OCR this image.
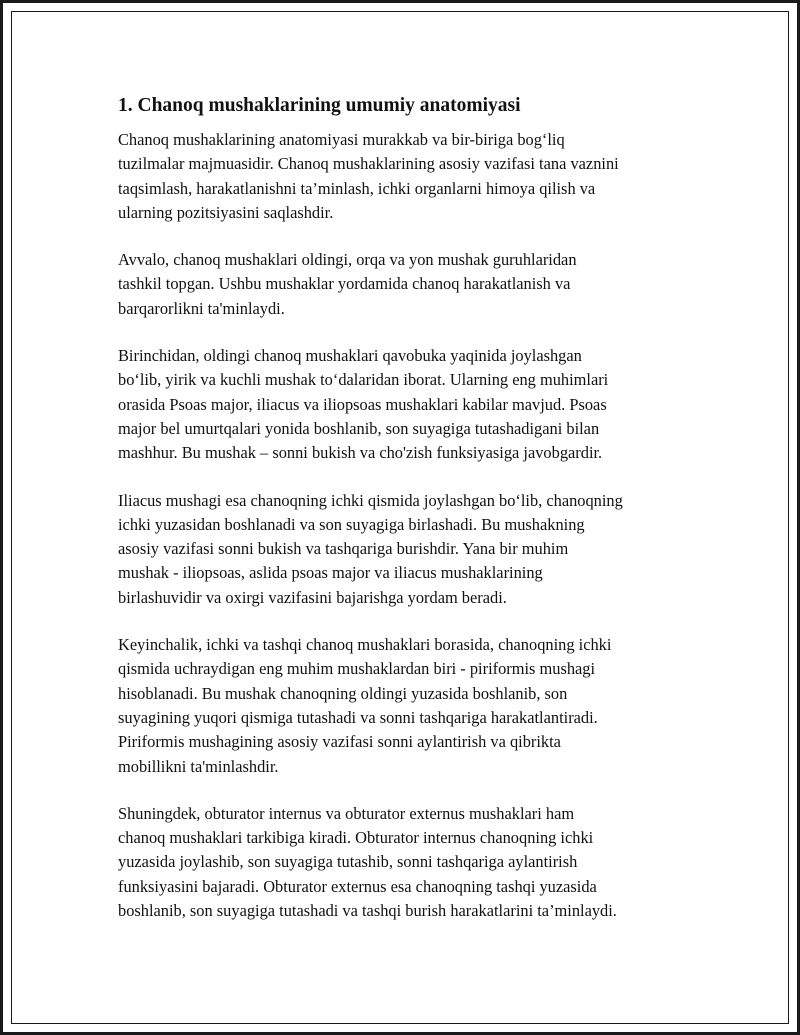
1. Chanoq mushaklarining umumiy anatomiyasi

Chanoq mushaklarining anatomiyasi murakkab va bir-biriga bog‘liq
tuzilmalar majmuasidir. Chanoq mushaklarining asosiy vazifasi tana vaznini
taqsimlash, harakatlanishni ta’minlash, ichki organlarni himoya qilish va
ularning pozitsiyasini saqlashdir.

Avvalo, chanoq mushaklari oldingi, orqa va yon mushak guruhlaridan
tashkil topgan. Ushbu mushaklar yordamida chanoq harakatlanish va
barqarorlikni ta'minlaydi.

Birinchidan, oldingi chanoq mushaklari qavobuka yaqinida joylashgan
bo‘lib, yirik va kuchli mushak to‘dalaridan iborat. Ularning eng muhimlari
orasida Psoas major, iliacus va iliopsoas mushaklari kabilar mavjud. Psoas
major bel umurtqalari yonida boshlanib, son suyagiga tutashadigani bilan
mashhur. Bu mushak – sonni bukish va cho'zish funksiyasiga javobgardir.

Iliacus mushagi esa chanoqning ichki qismida joylashgan bo‘lib, chanoqning
ichki yuzasidan boshlanadi va son suyagiga birlashadi. Bu mushakning
asosiy vazifasi sonni bukish va tashqariga burishdir. Yana bir muhim
mushak - iliopsoas, aslida psoas major va iliacus mushaklarining
birlashuvidir va oxirgi vazifasini bajarishga yordam beradi.

Keyinchalik, ichki va tashqi chanoq mushaklari borasida, chanoqning ichki
qismida uchraydigan eng muhim mushaklardan biri - piriformis mushagi
hisoblanadi. Bu mushak chanoqning oldingi yuzasida boshlanib, son
suyagining yuqori qismiga tutashadi va sonni tashqariga harakatlantiradi.
Piriformis mushagining asosiy vazifasi sonni aylantirish va qibrikta
mobillikni ta'minlashdir.

Shuningdek, obturator internus va obturator externus mushaklari ham
chanoq mushaklari tarkibiga kiradi. Obturator internus chanoqning ichki
yuzasida joylashib, son suyagiga tutashib, sonni tashqariga aylantirish
funksiyasini bajaradi. Obturator externus esa chanoqning tashqi yuzasida
boshlanib, son suyagiga tutashadi va tashqi burish harakatlarini ta’minlaydi.
